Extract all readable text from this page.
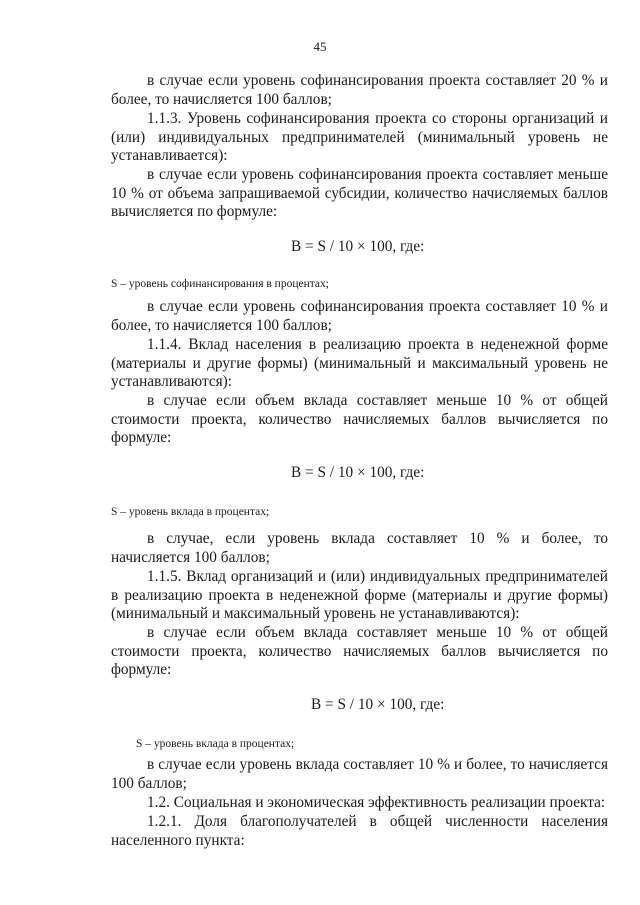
45

в случае если уровень софинансирования проекта составляет 20 % и более, то начисляется 100 баллов;

1.1.3. Уровень софинансирования проекта со стороны организаций и (или) индивидуальных предпринимателей (минимальный уровень не устанавливается):

в случае если уровень софинансирования проекта составляет меньше 10 % от объема запрашиваемой субсидии, количество начисляемых баллов вычисляется по формуле:

B = S / 10 × 100, где:
S – уровень софинансирования в процентах;

в случае если уровень софинансирования проекта составляет 10 % и более, то начисляется 100 баллов;

1.1.4. Вклад населения в реализацию проекта в неденежной форме (материалы и другие формы) (минимальный и максимальный уровень не устанавливаются):

в случае если объем вклада составляет меньше 10 % от общей стоимости проекта, количество начисляемых баллов вычисляется по формуле:

B = S / 10 × 100, где:
S – уровень вклада в процентах;

в случае, если уровень вклада составляет 10 % и более, то начисляется 100 баллов;

1.1.5. Вклад организаций и (или) индивидуальных предпринимателей в реализацию проекта в неденежной форме (материалы и другие формы) (минимальный и максимальный уровень не устанавливаются):

в случае если объем вклада составляет меньше 10 % от общей стоимости проекта, количество начисляемых баллов вычисляется по формуле:

B = S / 10 × 100, где:
S – уровень вклада в процентах;

в случае если уровень вклада составляет 10 % и более, то начисляется 100 баллов;

1.2. Социальная и экономическая эффективность реализации проекта:

1.2.1. Доля благополучателей в общей численности населения населенного пункта:
